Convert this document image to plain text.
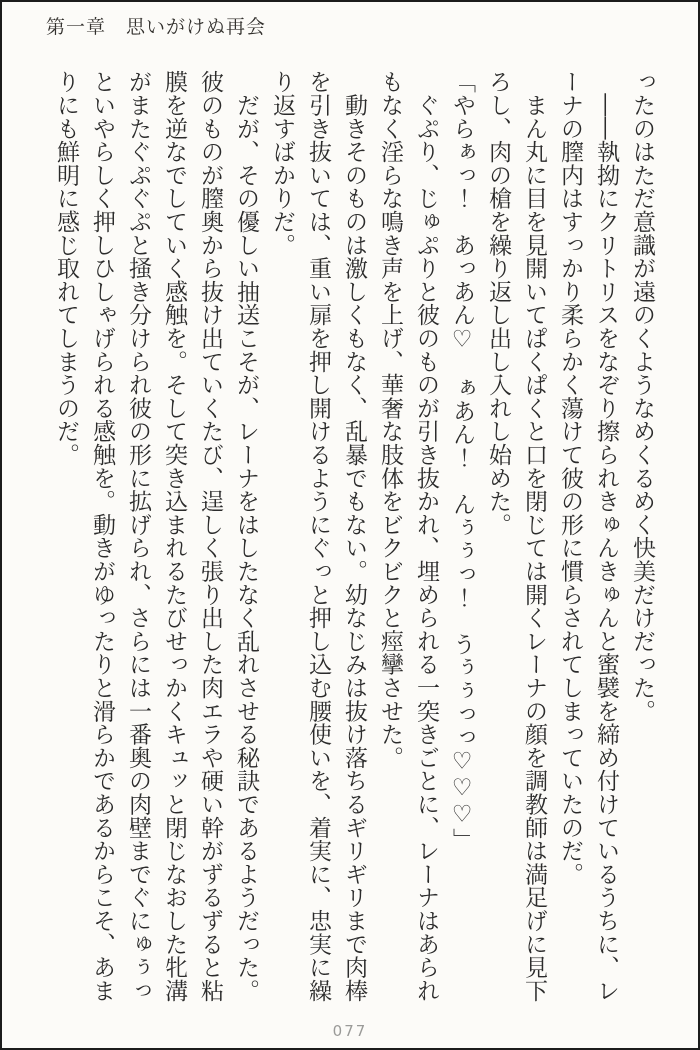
第一章　思いがけぬ再会
ったのはただ意識が遠のくようなめくるめく快美だけだった。
　――執拗にクリトリスをなぞり擦られきゅんきゅんと蜜襞を締め付けているうちに、レーナの膣内はすっかり柔らかく蕩けて彼の形に慣らされてしまっていたのだ。
　まん丸に目を見開いてぱくぱくと口を閉じては開くレーナの顔を調教師は満足げに見下ろし、肉の槍を繰り返し出し入れし始めた。
「やらぁっ！　あっあん♡　ぁあん！　んぅぅっ！　うぅぅっっ♡♡♡」
　ぐぷり、じゅぷりと彼のものが引き抜かれ、埋められる一突きごとに、レーナはあられもなく淫らな鳴き声を上げ、華奢な肢体をビクビクと痙攣させた。
　動きそのものは激しくもなく、乱暴でもない。幼なじみは抜け落ちるギリギリまで肉棒を引き抜いては、重い扉を押し開けるようにぐっと押し込む腰使いを、着実に、忠実に繰り返すばかりだ。
　だが、その優しい抽送こそが、レーナをはしたなく乱れさせる秘訣であるようだった。彼のものが膣奥から抜け出ていくたび、逞しく張り出した肉エラや硬い幹がずるずると粘膜を逆なでしていく感触を。そして突き込まれるたびせっかくキュッと閉じなおした牝溝がまたぐぷぐぷと掻き分けられ彼の形に拡げられ、さらには一番奥の肉壁までぐにゅぅっといやらしく押しひしゃげられる感触を。動きがゆったりと滑らかであるからこそ、あまりにも鮮明に感じ取れてしまうのだ。
077
